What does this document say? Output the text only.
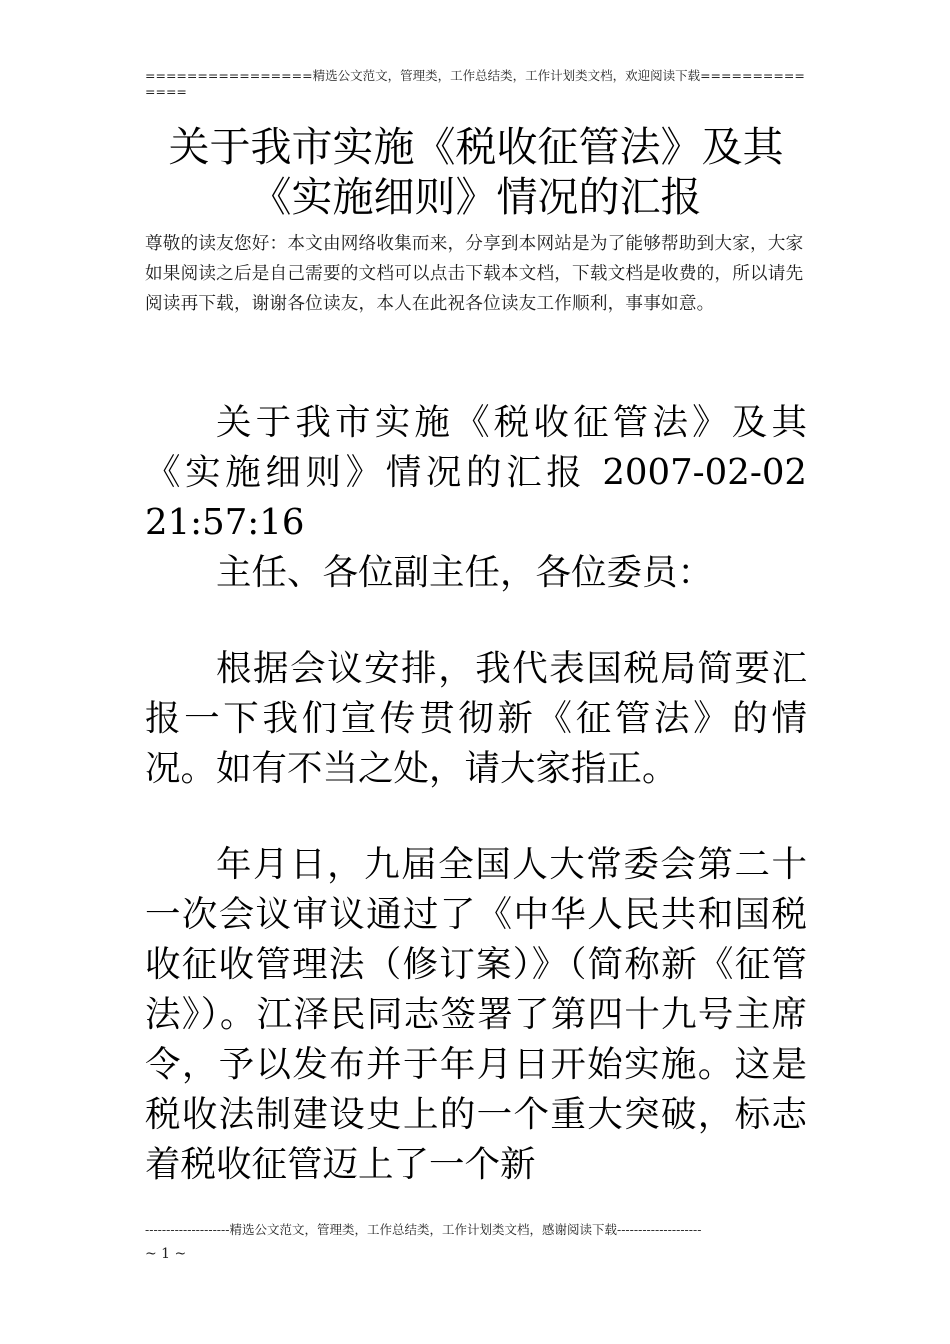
================精选公文范文，管理类，工作总结类，工作计划类文档，欢迎阅读下载==============
关于我市实施《税收征管法》及其《实施细则》情况的汇报
尊敬的读友您好：本文由网络收集而来，分享到本网站是为了能够帮助到大家，大家如果阅读之后是自己需要的文档可以点击下载本文档，下载文档是收费的，所以请先阅读再下载，谢谢各位读友，本人在此祝各位读友工作顺利，事事如意。

关于我市实施《税收征管法》及其《实施细则》情况的汇报 2007-02-02 21:57:16

主任、各位副主任，各位委员：

根据会议安排，我代表国税局简要汇报一下我们宣传贯彻新《征管法》的情况。如有不当之处，请大家指正。

年月日，九届全国人大常委会第二十一次会议审议通过了《中华人民共和国税收征收管理法（修订案）》（简称新《征管法》）。江泽民同志签署了第四十九号主席令，予以发布并于年月日开始实施。这是税收法制建设史上的一个重大突破，标志着税收征管迈上了一个新

--------------------精选公文范文，管理类，工作总结类，工作计划类文档，感谢阅读下载--------------------
~ 1 ~
